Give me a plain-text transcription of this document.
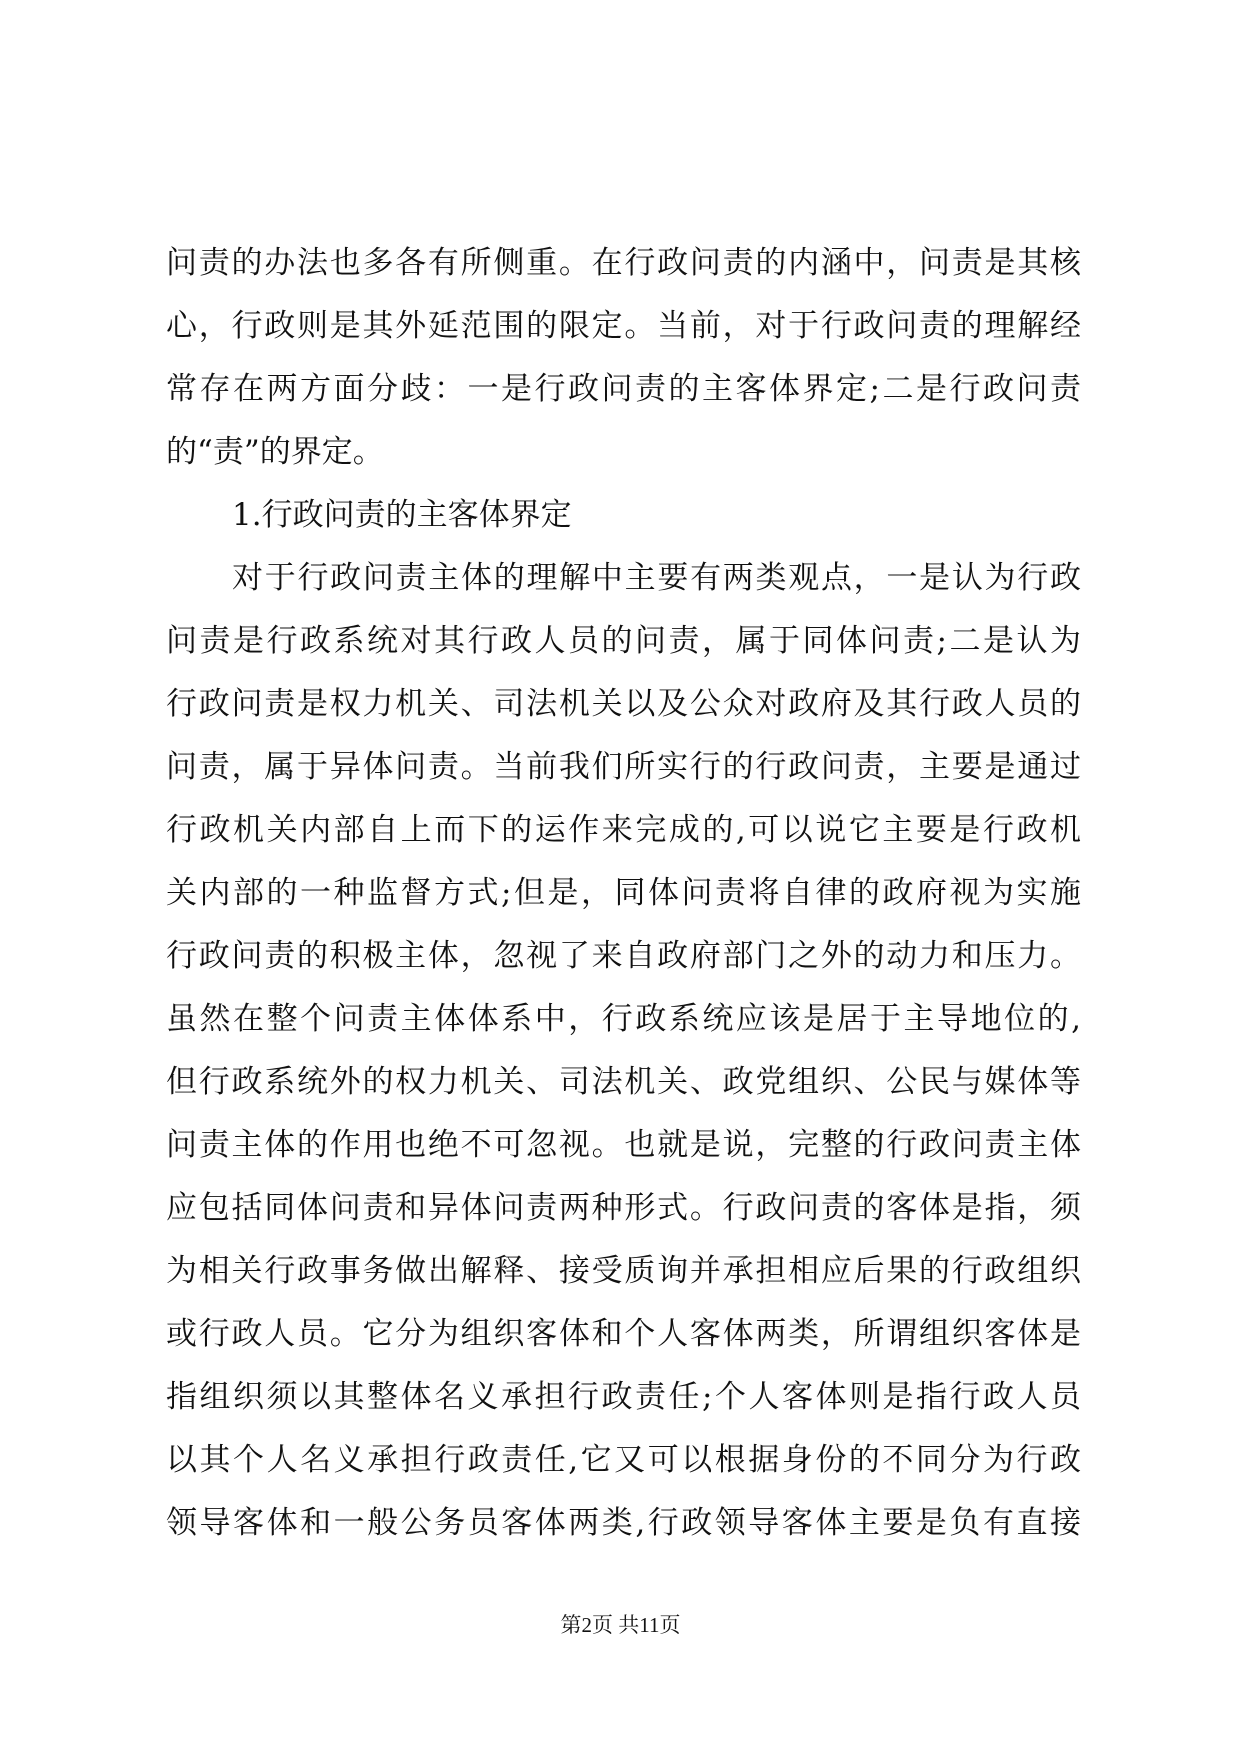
问责的办法也多各有所侧重。在行政问责的内涵中，问责是其核
心，行政则是其外延范围的限定。当前，对于行政问责的理解经
常存在两方面分歧：一是行政问责的主客体界定;二是行政问责
的“责”的界定。
1.行政问责的主客体界定
对于行政问责主体的理解中主要有两类观点，一是认为行政
问责是行政系统对其行政人员的问责，属于同体问责;二是认为
行政问责是权力机关、司法机关以及公众对政府及其行政人员的
问责，属于异体问责。当前我们所实行的行政问责，主要是通过
行政机关内部自上而下的运作来完成的,可以说它主要是行政机
关内部的一种监督方式;但是，同体问责将自律的政府视为实施
行政问责的积极主体，忽视了来自政府部门之外的动力和压力。
虽然在整个问责主体体系中，行政系统应该是居于主导地位的,
但行政系统外的权力机关、司法机关、政党组织、公民与媒体等
问责主体的作用也绝不可忽视。也就是说，完整的行政问责主体
应包括同体问责和异体问责两种形式。行政问责的客体是指，须
为相关行政事务做出解释、接受质询并承担相应后果的行政组织
或行政人员。它分为组织客体和个人客体两类，所谓组织客体是
指组织须以其整体名义承担行政责任;个人客体则是指行政人员
以其个人名义承担行政责任,它又可以根据身份的不同分为行政
领导客体和一般公务员客体两类,行政领导客体主要是负有直接
第2页 共11页
